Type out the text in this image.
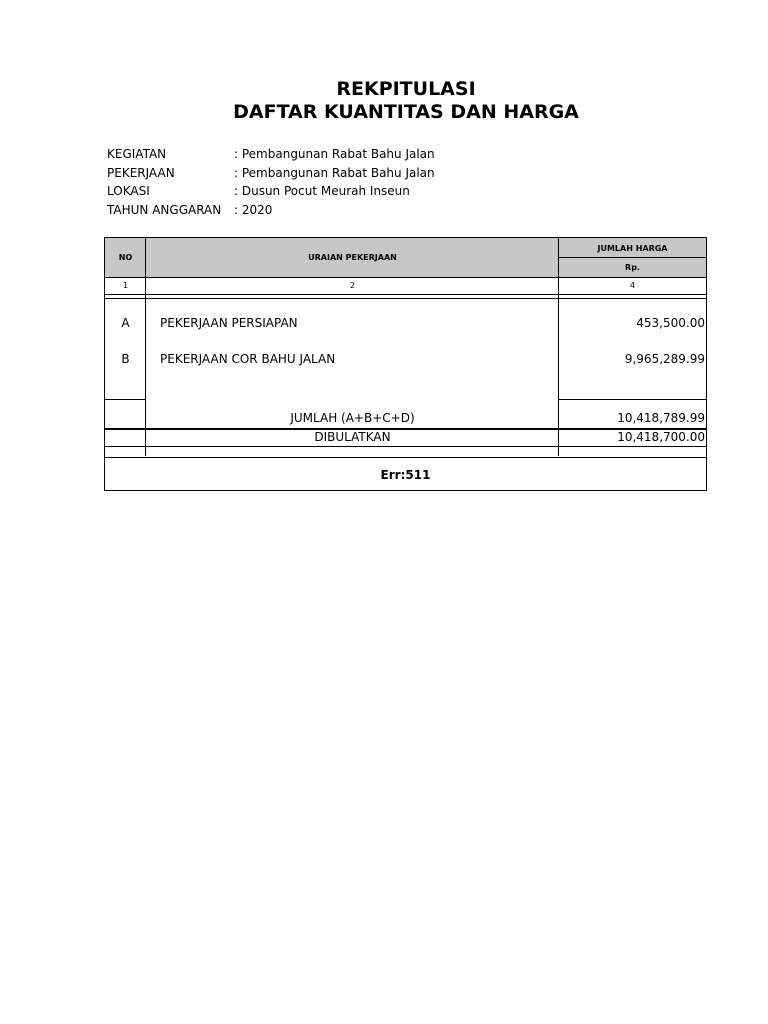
REKPITULASI
DAFTAR KUANTITAS DAN HARGA
KEGIATAN	: Pembangunan Rabat Bahu Jalan
PEKERJAAN	: Pembangunan Rabat Bahu Jalan
LOKASI	: Dusun Pocut Meurah Inseun
TAHUN ANGGARAN : 2020
NO	URAIAN PEKERJAAN
JUMLAH HARGA
Rp.
1	2	4
A	PEKERJAAN PERSIAPAN	453,500.00
B	PEKERJAAN COR BAHU JALAN	9,965,289.99
JUMLAH (A+B+C+D)	10,418,789.99
DIBULATKAN	10,418,700.00
Err:511
